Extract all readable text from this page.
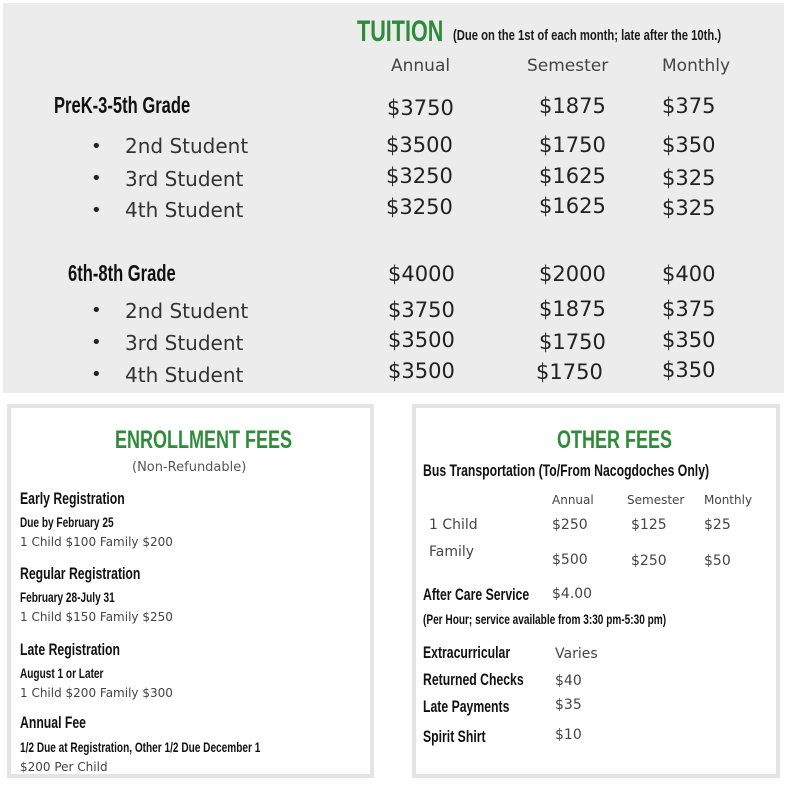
TUITION (Due on the 1st of each month; late after the 10th.)
Annual	Semester	Monthly
PreK-3-5th Grade	$3750	$1875	$375
• 2nd Student	$3500	$1750	$350
• 3rd Student	$3250	$1625	$325
• 4th Student	$3250	$1625	$325
6th-8th Grade	$4000	$2000	$400
• 2nd Student	$3750	$1875	$375
• 3rd Student	$3500	$1750	$350
• 4th Student	$3500	$1750	$350
ENROLLMENT FEES
(Non-Refundable)
Early Registration
Due by February 25
1 Child $100 Family $200
Regular Registration
February 28-July 31
1 Child $150 Family $250
Late Registration
August 1 or Later
1 Child $200 Family $300
Annual Fee
1/2 Due at Registration, Other 1/2 Due December 1
$200 Per Child
OTHER FEES
Bus Transportation (To/From Nacogdoches Only)
Annual	Semester Monthly
1 Child	$250	$125	$25
Family	$500	$250	$50
After Care Service $4.00
(Per Hour; service available from 3:30 pm-5:30 pm)
Extracurricular	Varies
Returned Checks $40
Late Payments	$35
Spirit Shirt	$10
